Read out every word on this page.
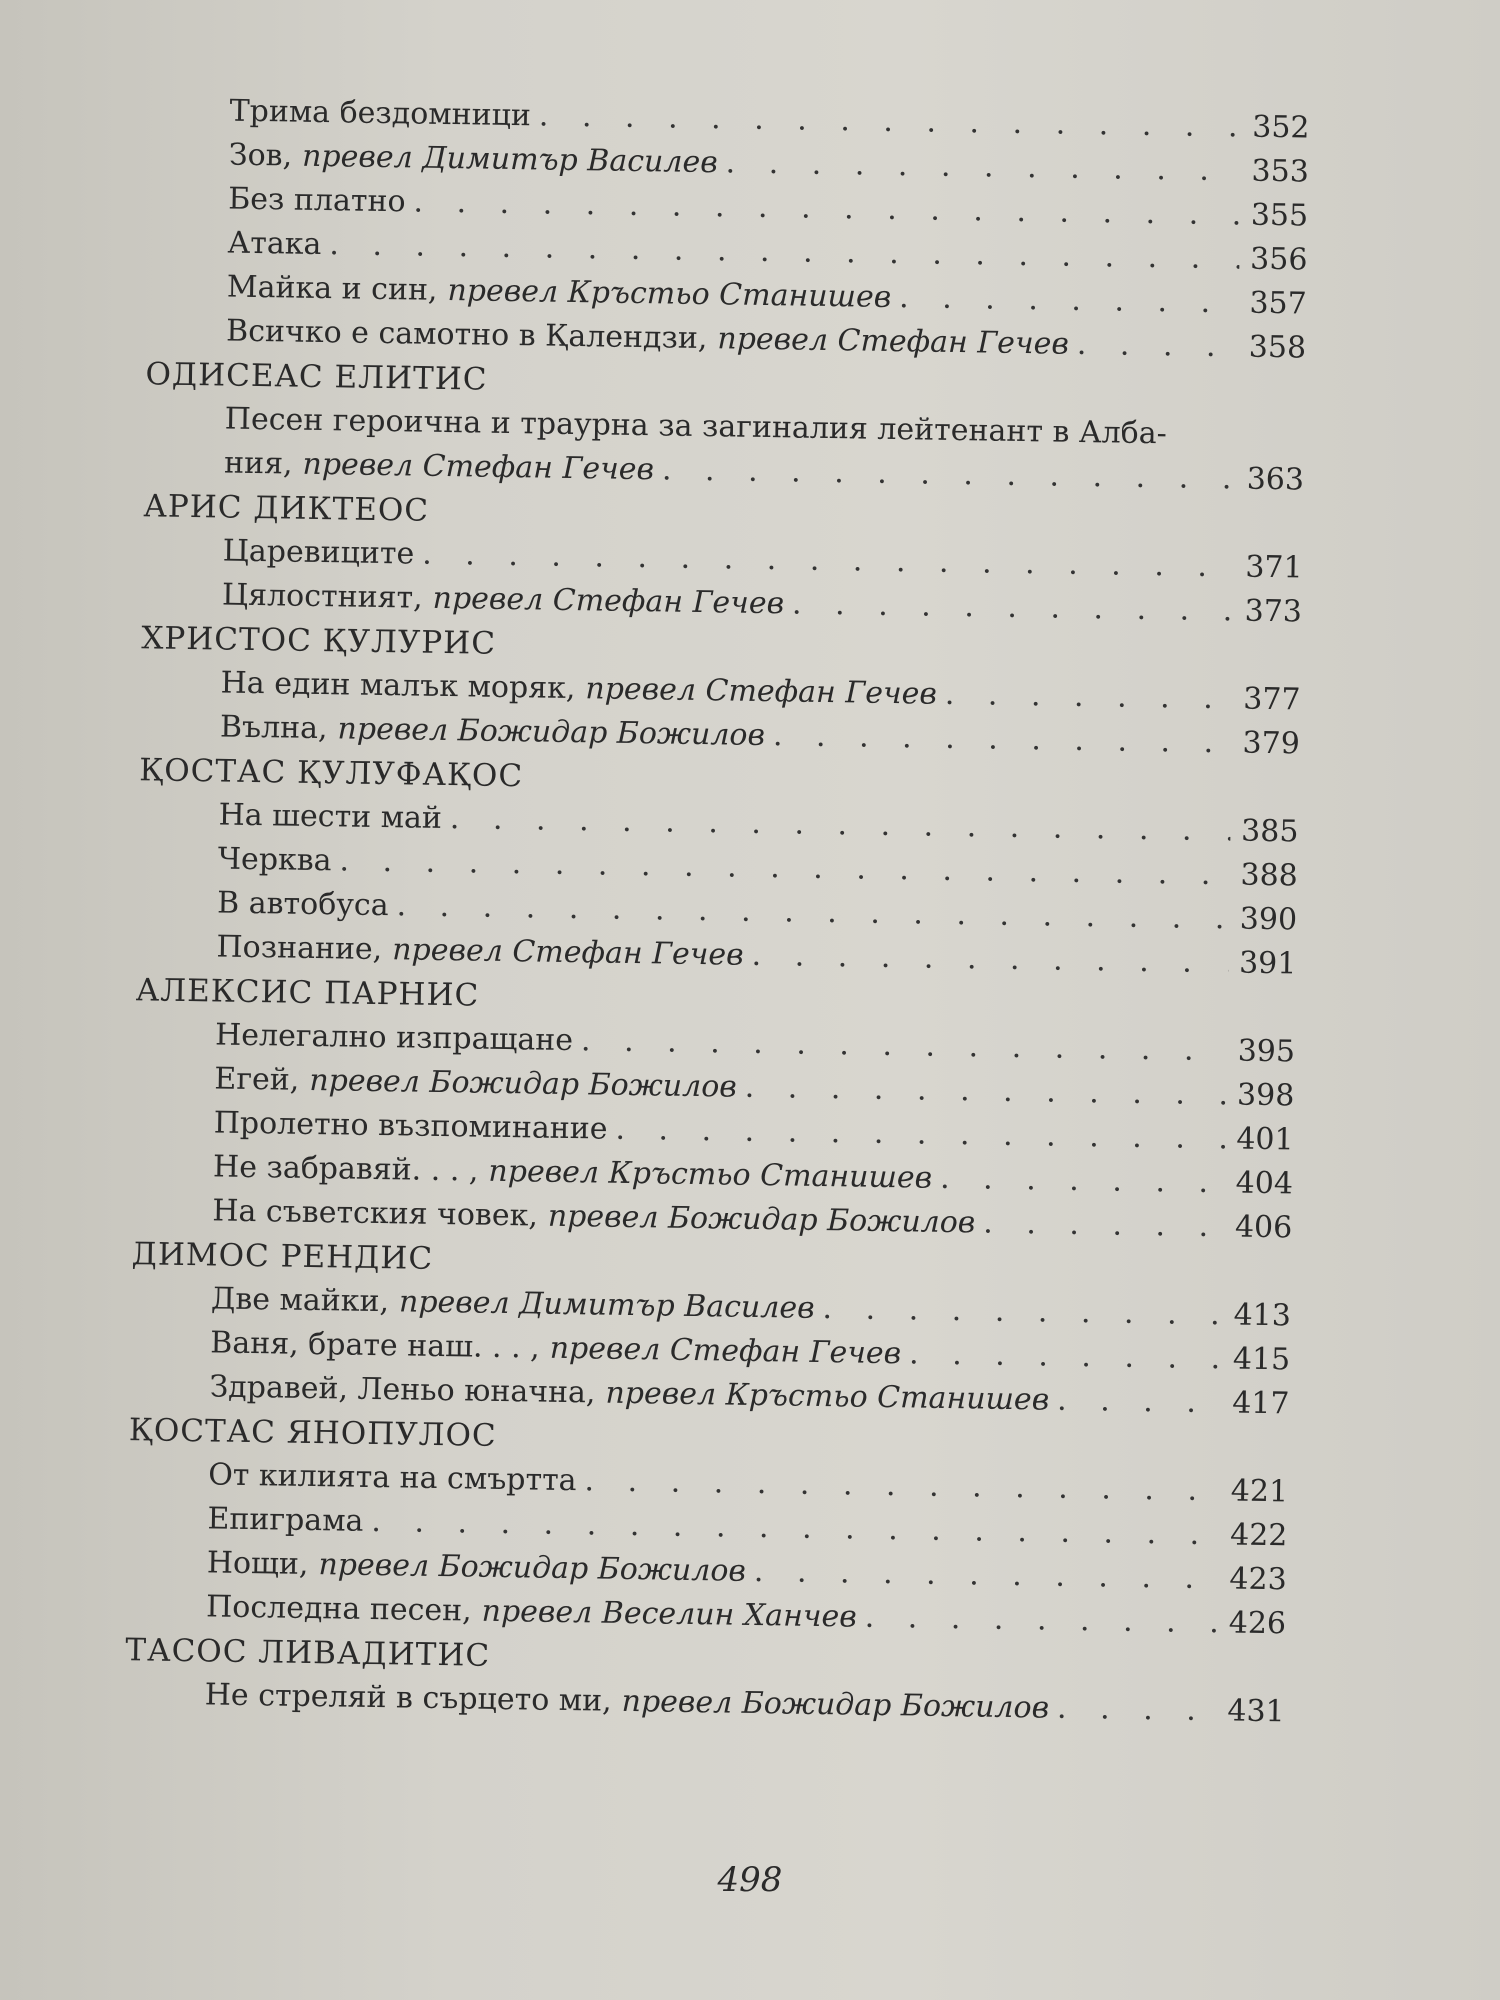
Трима бездомници . . .	352
Зов, превел Димитър Василев . . .	353
Без платно . . .	355
Атака . . .	356
Майка и син, превел Кръстьо Станишев . . .	357
Всичко е самотно в Қалендзи, превел Стефан Гечев . . .	358
ОДИСЕАС ЕЛИТИС
Песен героична и траурна за загиналия лейтенант в Алба-
ния, превел Стефан Гечев . . .	363
АРИС ДИКТЕОС
Царевиците . . .	371
Цялостният, превел Стефан Гечев . . .	373
ХРИСТОС ҚУЛУРИС
На един малък моряк, превел Стефан Гечев . . .	377
Вълна, превел Божидар Божилов . . .	379
ҚОСТАС ҚУЛУФАҚОС
На шести май . . .	385
Черква . . .	388
В автобуса . . .	390
Познание, превел Стефан Гечев . . .	391
АЛЕКСИС ПАРНИС
Нелегално изпращане . . .	395
Егей, превел Божидар Божилов . . .	398
Пролетно възпоминание . . .	401
Не забравяй. . . , превел Кръстьо Станишев . . .	404
На съветския човек, превел Божидар Божилов . . .	406
ДИМОС РЕНДИС
Две майки, превел Димитър Василев . . .	413
Ваня, брате наш. . . , превел Стефан Гечев . . .	415
Здравей, Леньо юначна, превел Кръстьо Станишев . . .	417
ҚОСТАС ЯНОПУЛОС
От килията на смъртта . . .	421
Епиграма . . .	422
Нощи, превел Божидар Божилов . . .	423
Последна песен, превел Веселин Ханчев . . .	426
ТАСОС ЛИВАДИТИС
Не стреляй в сърцето ми, превел Божидар Божилов . . .	431
498
